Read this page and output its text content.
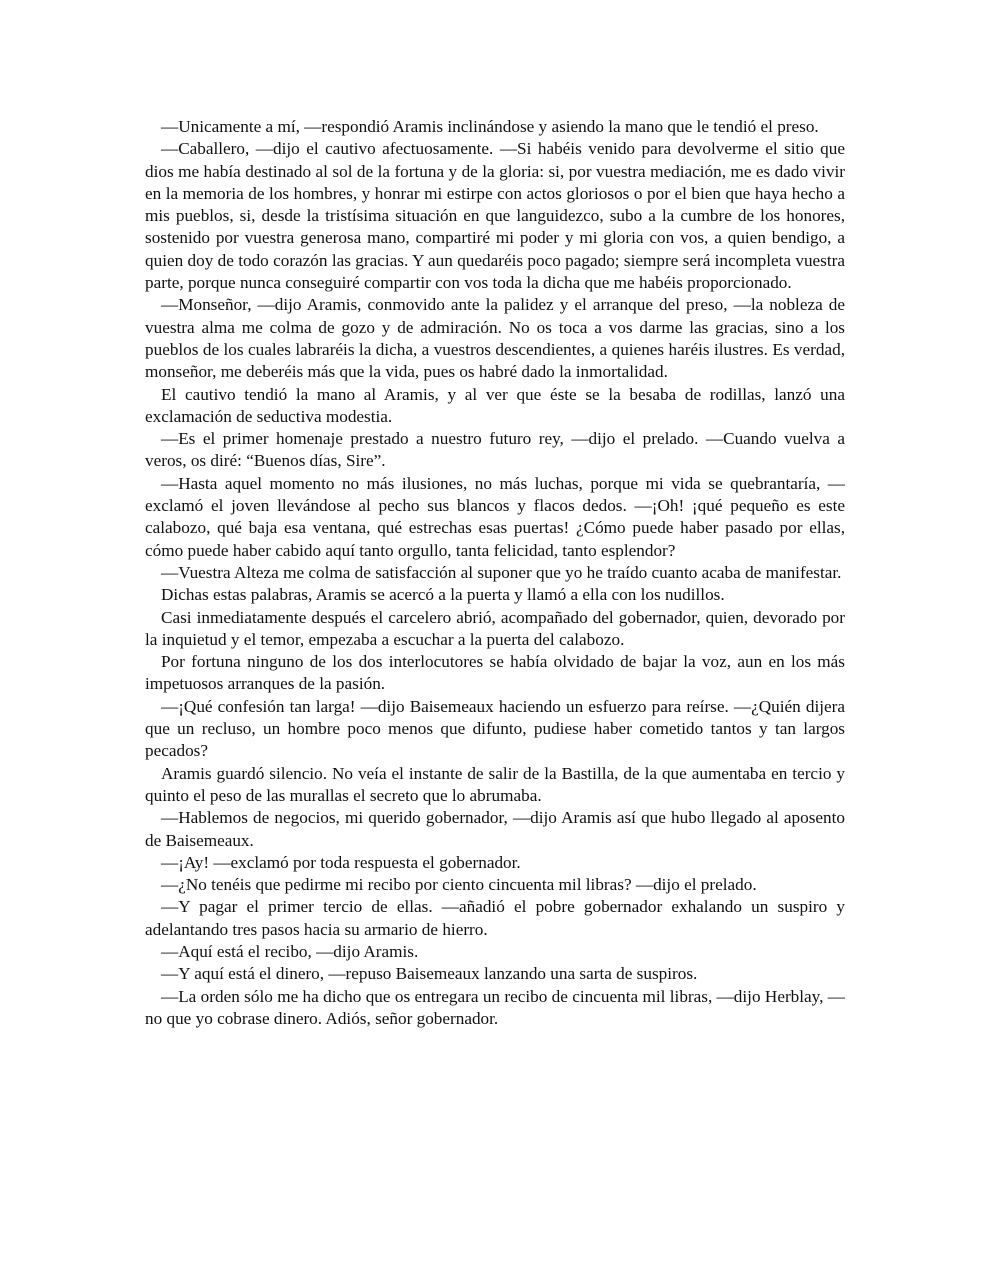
—Unicamente a mí, —respondió Aramis inclinándose y asiendo la mano que le tendió el preso.

—Caballero, —dijo el cautivo afectuosamente. —Si habéis venido para devolverme el sitio que dios me había destinado al sol de la fortuna y de la gloria: si, por vuestra mediación, me es dado vivir en la memoria de los hombres, y honrar mi estirpe con actos gloriosos o por el bien que haya hecho a mis pueblos, si, desde la tristísima situación en que languidezco, subo a la cumbre de los honores, sostenido por vuestra generosa mano, compartiré mi poder y mi gloria con vos, a quien bendigo, a quien doy de todo corazón las gracias. Y aun quedaréis poco pagado; siempre será incompleta vuestra parte, porque nunca conseguiré compartir con vos toda la dicha que me habéis proporcionado.

—Monseñor, —dijo Aramis, conmovido ante la palidez y el arranque del preso, —la nobleza de vuestra alma me colma de gozo y de admiración. No os toca a vos darme las gracias, sino a los pueblos de los cuales labraréis la dicha, a vuestros descendientes, a quienes haréis ilustres. Es verdad, monseñor, me deberéis más que la vida, pues os habré dado la inmortalidad.

El cautivo tendió la mano al Aramis, y al ver que éste se la besaba de rodillas, lanzó una exclamación de seductiva modestia.

—Es el primer homenaje prestado a nuestro futuro rey, —dijo el prelado. —Cuando vuelva a veros, os diré: “Buenos días, Sire”.

—Hasta aquel momento no más ilusiones, no más luchas, porque mi vida se quebrantaría, —exclamó el joven llevándose al pecho sus blancos y flacos dedos. —¡Oh! ¡qué pequeño es este calabozo, qué baja esa ventana, qué estrechas esas puertas! ¿Cómo puede haber pasado por ellas, cómo puede haber cabido aquí tanto orgullo, tanta felicidad, tanto esplendor?

—Vuestra Alteza me colma de satisfacción al suponer que yo he traído cuanto acaba de manifestar.

Dichas estas palabras, Aramis se acercó a la puerta y llamó a ella con los nudillos.

Casi inmediatamente después el carcelero abrió, acompañado del gobernador, quien, devorado por la inquietud y el temor, empezaba a escuchar a la puerta del calabozo.

Por fortuna ninguno de los dos interlocutores se había olvidado de bajar la voz, aun en los más impetuosos arranques de la pasión.

—¡Qué confesión tan larga! —dijo Baisemeaux haciendo un esfuerzo para reírse. —¿Quién dijera que un recluso, un hombre poco menos que difunto, pudiese haber cometido tantos y tan largos pecados?

Aramis guardó silencio. No veía el instante de salir de la Bastilla, de la que aumentaba en tercio y quinto el peso de las murallas el secreto que lo abrumaba.

—Hablemos de negocios, mi querido gobernador, —dijo Aramis así que hubo llegado al aposento de Baisemeaux.

—¡Ay! —exclamó por toda respuesta el gobernador.

—¿No tenéis que pedirme mi recibo por ciento cincuenta mil libras? —dijo el prelado.

—Y pagar el primer tercio de ellas. —añadió el pobre gobernador exhalando un suspiro y adelantando tres pasos hacia su armario de hierro.

—Aquí está el recibo, —dijo Aramis.

—Y aquí está el dinero, —repuso Baisemeaux lanzando una sarta de suspiros.

—La orden sólo me ha dicho que os entregara un recibo de cincuenta mil libras, —dijo Herblay, —no que yo cobrase dinero. Adiós, señor gobernador.
